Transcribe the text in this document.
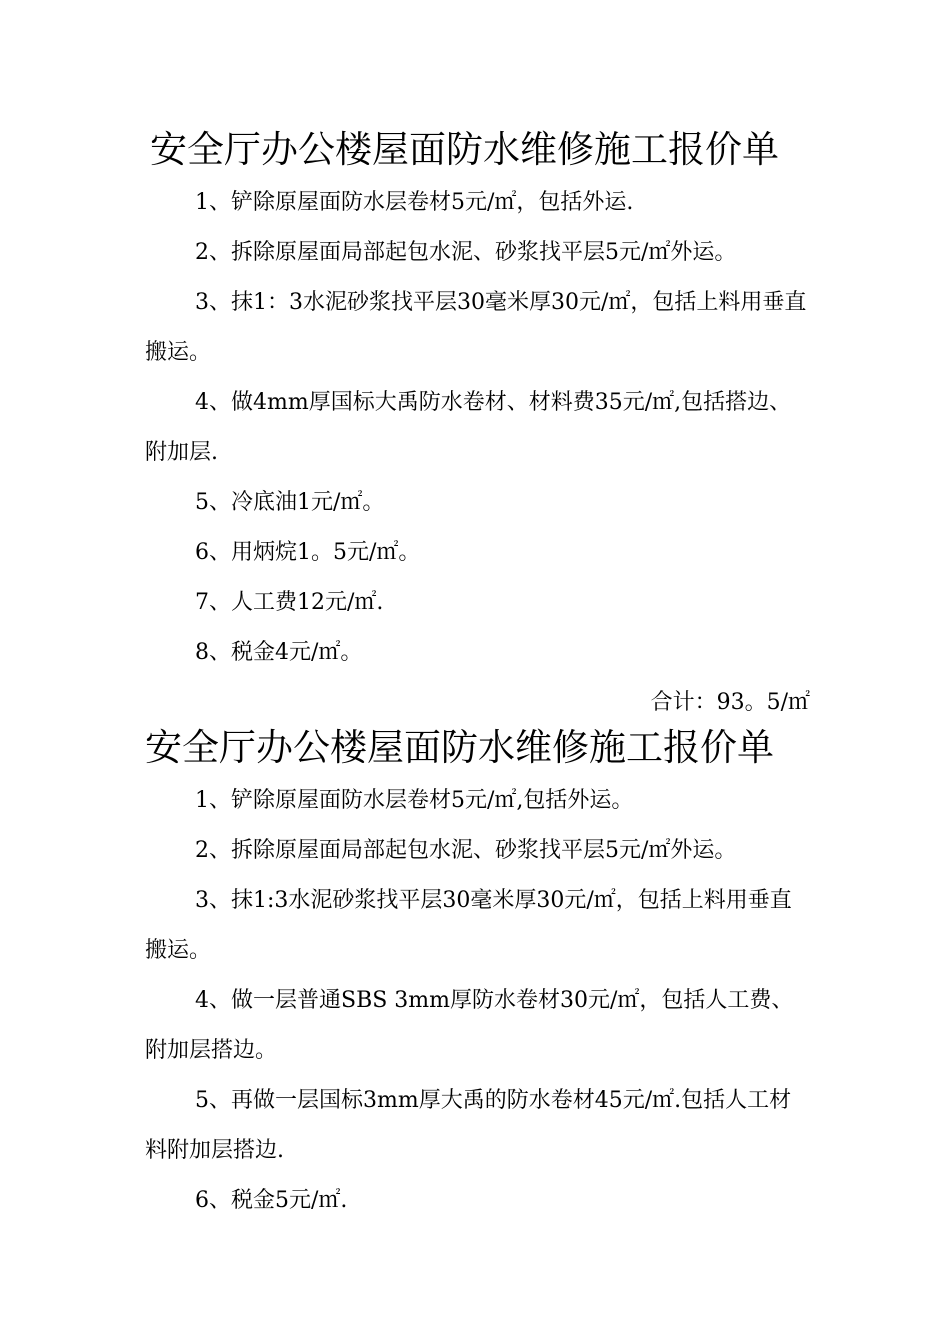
安全厅办公楼屋面防水维修施工报价单

1、铲除原屋面防水层卷材5元/㎡，包括外运.

2、拆除原屋面局部起包水泥、砂浆找平层5元/㎡外运。

3、抹1：3水泥砂浆找平层30毫米厚30元/㎡，包括上料用垂直搬运。

4、做4mm厚国标大禹防水卷材、材料费35元/㎡,包括搭边、附加层.

5、冷底油1元/㎡。

6、用炳烷1。5元/㎡。

7、人工费12元/㎡.

8、税金4元/㎡。

合计：93。5/㎡

安全厅办公楼屋面防水维修施工报价单

1、铲除原屋面防水层卷材5元/㎡,包括外运。

2、拆除原屋面局部起包水泥、砂浆找平层5元/㎡外运。

3、抹1:3水泥砂浆找平层30毫米厚30元/㎡，包括上料用垂直搬运。

4、做一层普通SBS 3mm厚防水卷材30元/㎡，包括人工费、附加层搭边。

5、再做一层国标3mm厚大禹的防水卷材45元/㎡.包括人工材料附加层搭边.

6、税金5元/㎡.
